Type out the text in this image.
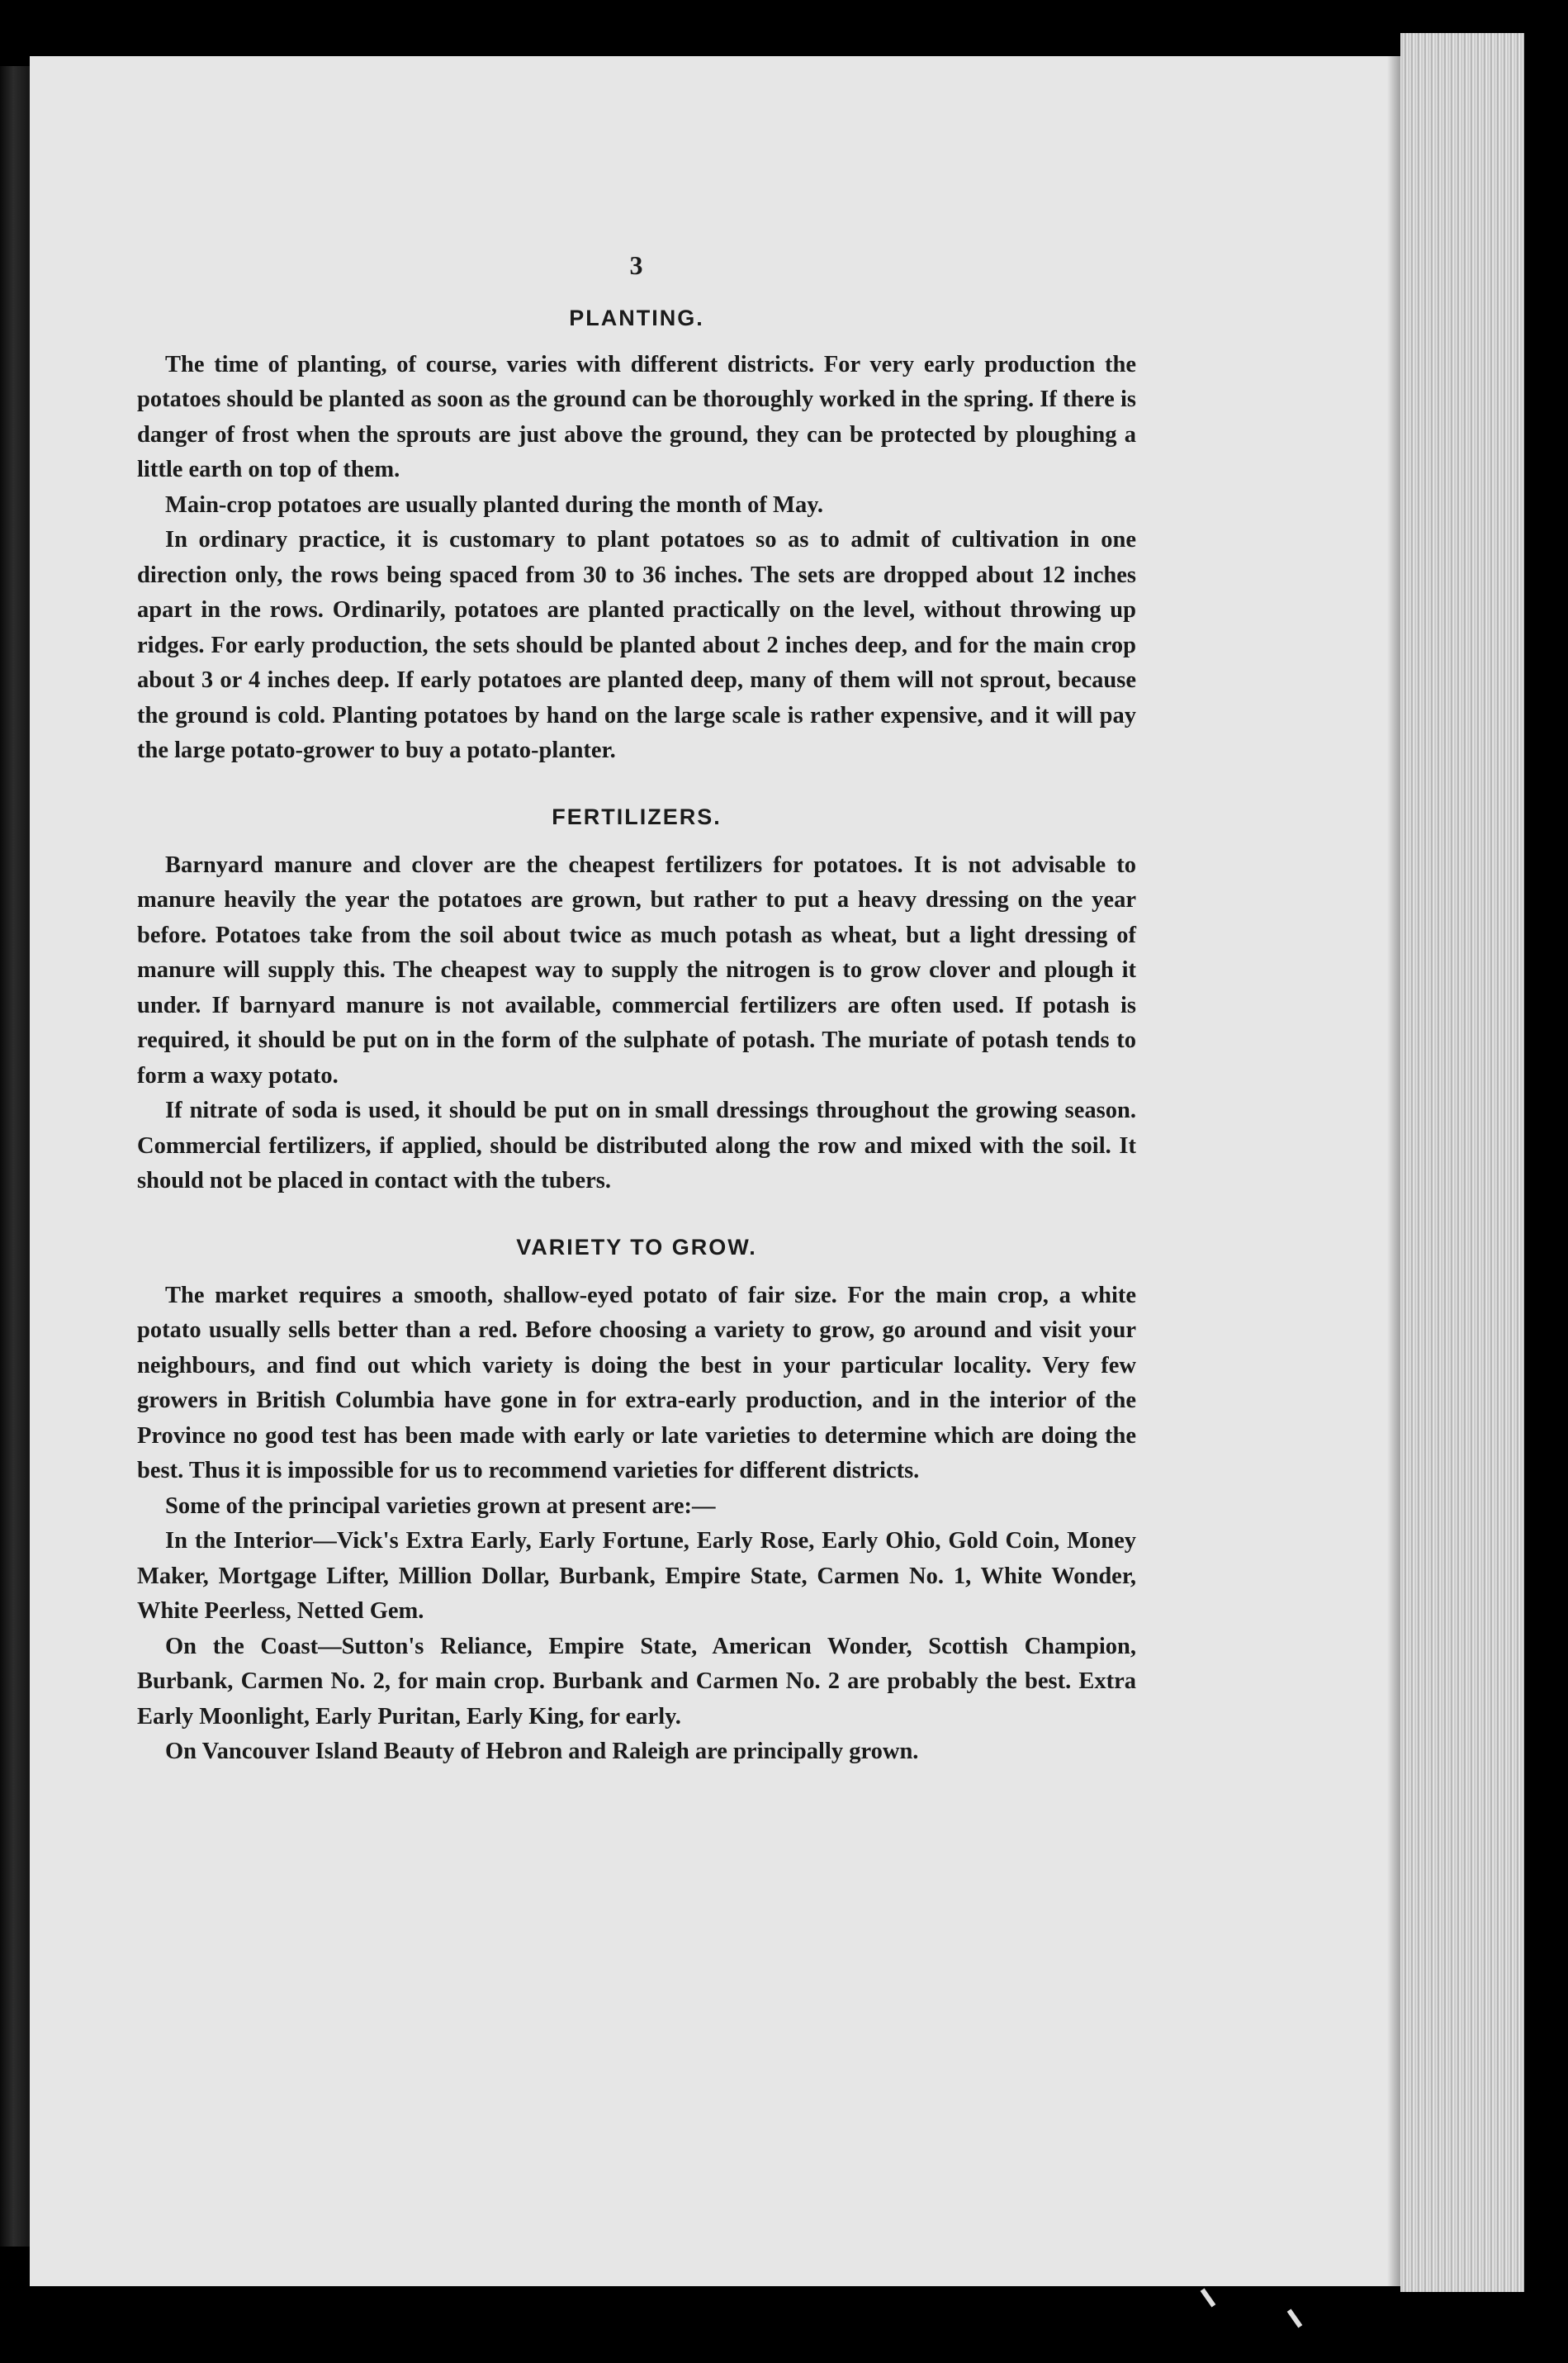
3
PLANTING.

The time of planting, of course, varies with different districts. For very early production the potatoes should be planted as soon as the ground can be thoroughly worked in the spring. If there is danger of frost when the sprouts are just above the ground, they can be protected by ploughing a little earth on top of them.

Main-crop potatoes are usually planted during the month of May.

In ordinary practice, it is customary to plant potatoes so as to admit of cultivation in one direction only, the rows being spaced from 30 to 36 inches. The sets are dropped about 12 inches apart in the rows. Ordinarily, potatoes are planted practically on the level, without throwing up ridges. For early production, the sets should be planted about 2 inches deep, and for the main crop about 3 or 4 inches deep. If early potatoes are planted deep, many of them will not sprout, because the ground is cold. Planting potatoes by hand on the large scale is rather expensive, and it will pay the large potato-grower to buy a potato-planter.

FERTILIZERS.

Barnyard manure and clover are the cheapest fertilizers for potatoes. It is not advisable to manure heavily the year the potatoes are grown, but rather to put a heavy dressing on the year before. Potatoes take from the soil about twice as much potash as wheat, but a light dressing of manure will supply this. The cheapest way to supply the nitrogen is to grow clover and plough it under. If barnyard manure is not available, commercial fertilizers are often used. If potash is required, it should be put on in the form of the sulphate of potash. The muriate of potash tends to form a waxy potato.

If nitrate of soda is used, it should be put on in small dressings throughout the growing season. Commercial fertilizers, if applied, should be distributed along the row and mixed with the soil. It should not be placed in contact with the tubers.

VARIETY TO GROW.

The market requires a smooth, shallow-eyed potato of fair size. For the main crop, a white potato usually sells better than a red. Before choosing a variety to grow, go around and visit your neighbours, and find out which variety is doing the best in your particular locality. Very few growers in British Columbia have gone in for extra-early production, and in the interior of the Province no good test has been made with early or late varieties to determine which are doing the best. Thus it is impossible for us to recommend varieties for different districts.

Some of the principal varieties grown at present are:—

In the Interior—Vick's Extra Early, Early Fortune, Early Rose, Early Ohio, Gold Coin, Money Maker, Mortgage Lifter, Million Dollar, Burbank, Empire State, Carmen No. 1, White Wonder, White Peerless, Netted Gem.

On the Coast—Sutton's Reliance, Empire State, American Wonder, Scottish Champion, Burbank, Carmen No. 2, for main crop. Burbank and Carmen No. 2 are probably the best. Extra Early Moonlight, Early Puritan, Early King, for early.

On Vancouver Island Beauty of Hebron and Raleigh are principally grown.
